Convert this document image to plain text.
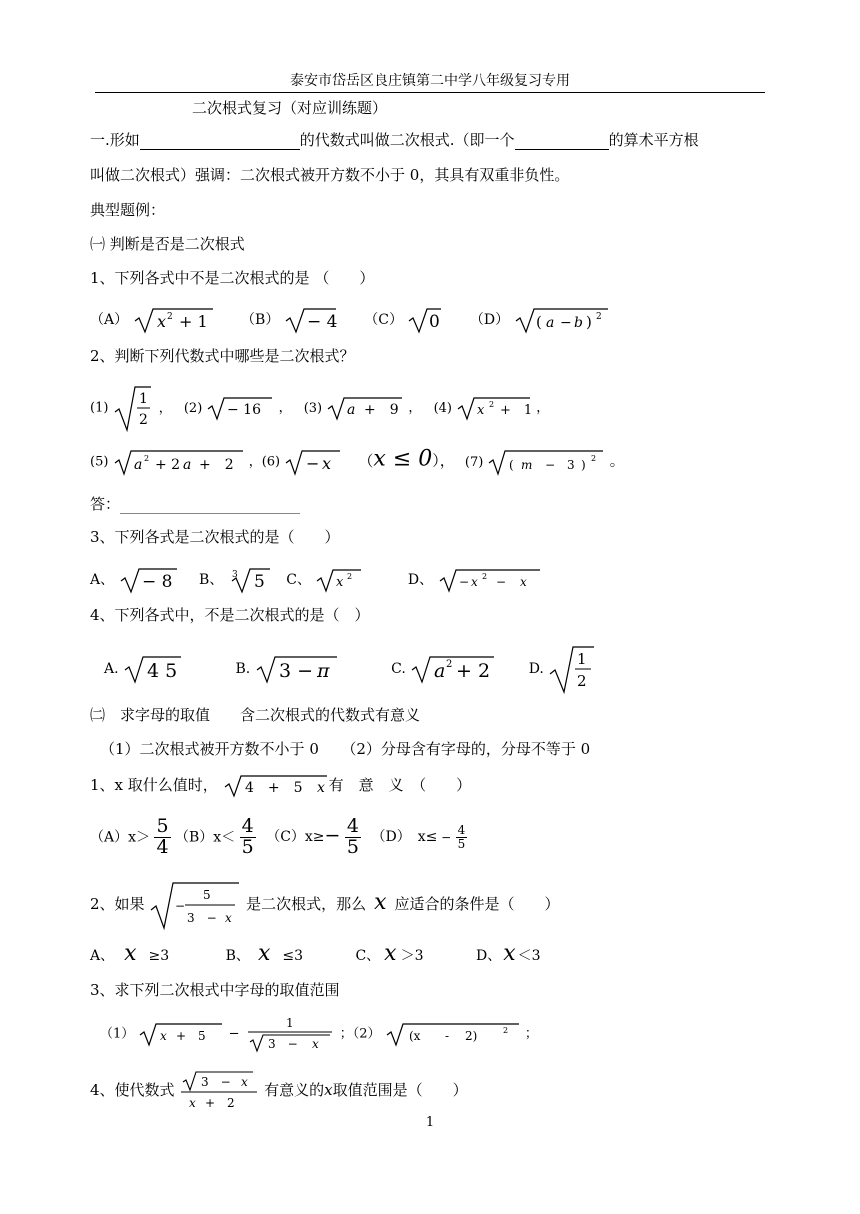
泰安市岱岳区良庄镇第二中学八年级复习专用
二次根式复习（对应训练题）
一.形如	的代数式叫做二次根式.（即一个	的算术平方根
叫做二次根式）强调：二次根式被开方数不小于 0，其具有双重非负性。
典型题例：
㈠ 判断是否是二次根式
1、下列各式中不是二次根式的是 （　　）
（A） x 2 + 1 （B） − 4 （C） 0 （D） ( a − b ) 2
2、判断下列代数式中哪些是二次根式？
(1)
1
2
， (2) − 16 ， (3) a +　9 ， (4) x 2 +　1 ，
(5) a 2 + 2 a +　2 ，(6) − x （x ≤ 0）， (7) ( m − 3 ) 2 。
答：
3、下列各式是二次根式的是（　　）
A、 − 8 B、 3 5 C、 x 2	D、 − x 2 − x
4、下列各式中，不是二次根式的是（　）
A. 4 5	B. 3 − π	C. a 2 + 2	D.
1
2
㈡　求字母的取值　　含二次根式的代数式有意义
（1）二次根式被开方数不小于 0　　（2）分母含有字母的，分母不等于 0
1、x 取什么值时， 4　+　5 x 有　意　义　（　　）
$(A)x> \frac{5}{4} (B)x< \frac{4}{5} (C)x\ge- \frac{4}{5} (D)$　$x\le - \frac{4}{5}$
2、如果	−
5
3　− x
是二次根式，那么 x 应适合的条件是（　　）
A、 x ≥3	B、 x ≤3	C、 x ＞3	D、x ＜3
3、求下列二次根式中字母的取值范围
（1） x +　5 −
1
3　− x
；（2） (x - 2)	2 ；
4、使代数式 3　− x
x +　2
有意义的x取值范围是（　　）
1
